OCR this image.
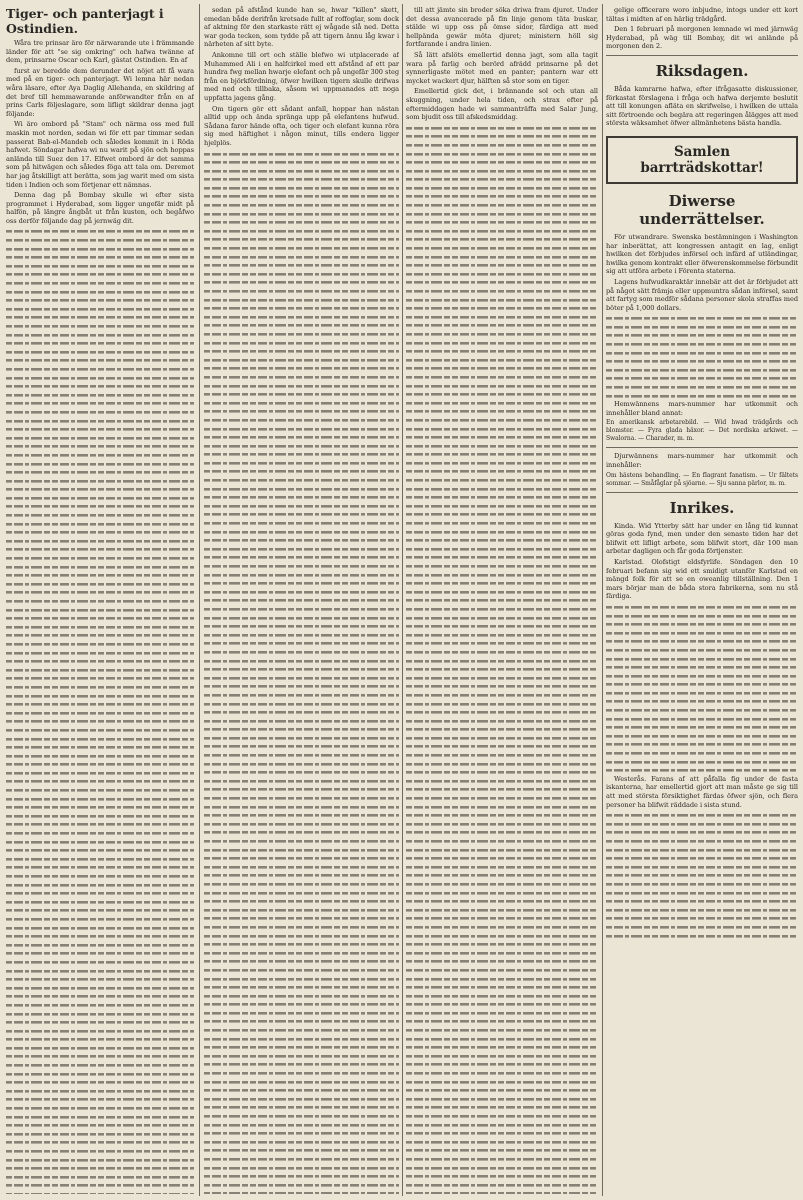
Tiger- och panterjagt i Ostindien.

Wåra tre prinsar äro för närwarande ute i främmande länder för att "se sig omkring" och hafwa twänne af dem, prinsarne Oscar och Karl, gästat Ostindien. En af

furst av beredde dem derunder det nöjet att få wara med på en tiger- och panterjagt. Wi lemna här nedan wåra läsare, efter Aya Daglig Allehanda, en skildring af det bref till hemmawarande anförwandter från en af prins Carls följeslagare, som lifligt skildrar denna jagt följande:

Wi äro ombord på "Stam" och närma oss med full maskin mot norden, sedan wi för ett par timmar sedan passerat Bab-el-Mandeb och således kommit in i Röda hafwet. Söndagar hafwa wi nu warit på sjön och hoppas anlända till Suez den 17. Elfwet ombord är det samma som på hitwägen och således föga att tala om. Deremot har jag åtskilligt att berätta, som jag warit med om sista tiden i Indien och som förtjenar ett nämnas.

Denna dag på Bombay skulle wi efter sista programmet i Hyderabad, som ligger ungefär midt på halfön, på längre ångbåt ut från kusten, och begåfwo oss derför följande dag på jernwäg dit.

sedan på afstånd kunde han se, hwar "killen" skett, emedan både derifrån kretsade fullt af roffoglar, som dock af aktning för den starkaste rätt ej wågade slå ned. Detta war goda tecken, som tydde på att tigern ännu låg kwar i närheten af sitt byte.

Ankomne till ort och ställe blefwo wi utplacerade af Muhammed Ali i en halfcirkel med ett afstånd af ett par hundra fwg mellan hwarje elefant och på ungefär 300 steg från en björkfördning, öfwer hwilken tigern skulle drifwas med ned och tillbaka, såsom wi uppmanades att noga uppfatta jagens gång.

Om tigern gör ett sådant anfall, hoppar han nästan alltid upp och ända spränga upp på elefantens hufwud. Sådana faror hände ofta, och tiger och elefant kunna röra sig med häftighet i någon minut, tills endera ligger hjelplös.

till att jämte sin broder söka driwa fram djuret. Under det dessa avancerade på fin linje genom täta buskar, stälde wi upp oss på ömse sidor, färdiga att med hellpända gewär möta djuret; ministern höll sig fortfarande i andra linien.

Så lätt afslöts emellertid denna jagt, som alla tagit wara på farlig och berörd afrädd prinsarne på det synnerligaste mötet med en panter; pantern war ett mycket wackert djur, hälften så stor som en tiger.

Emellertid gick det, i brännande sol och utan all skuggning, under hela tiden, och strax efter på eftermiddagen hade wi sammanträffa med Salar Jung, som bjudit oss till afskedsmiddag.

gelige officerare woro inbjudne, intogs under ett kort tältas i midten af en härlig trädgård.

Den 1 februari på morgonen lemnade wi med järnwäg Hyderabad, på wäg till Bombay, dit wi anlände på morgonen den 2.

Riksdagen.

Båda kamrarne hafwa, efter ifrågasatte diskussioner, förkastat förslagena i fråga och hafwa derjemte beslutit att till konungen afläta en skrifwelse, i hwilken de uttala sitt förtroende och begära att regeringen ålägges att med största wäksamhet öfwer allmänhetens bästa handla.

Samlen barrträdskottar!
Diwerse underrättelser.

För utwandrare. Swenska bestämningen i Washington har inberättat, att kongressen antagit en lag, enligt hwilken det förbjudes införsel och infärd af utländingar, hwilka genom kontrakt eller öfwerenskommelse förbundit sig att utföra arbete i Förenta staterna.

Lagens hufwudkaraktär innebär att det är förbjudet att på något sätt främja eller uppmuntra sådan införsel, samt att fartyg som medför sådana personer skola straffas med böter på 1,000 dollars.

Hemwännens mars-nummer har utkommit och innehåller bland annat:

En amerikansk arbetarebild. — Wid hwad trädgårds och blomster. — Fyra glada häxor. — Det nordiska arkiwet. — Swalorna. — Charader, m. m.

Djurwännens mars-nummer har utkommit och innehåller:

Om hästens behandling. — En flagrant fanatism. — Ur fältets sommar. — Småfåglar på sjöarne. — Sju sanna pärlor, m. m.

Inrikes.

Kinda. Wid Ytterby sätt har under en lång tid kunnat göras goda fynd, men under den senaste tiden har det blifwit ett lifligt arbete, som blifwit stort, där 100 man arbetar dagligen och får goda förtjenster.

Karlstad. Olofstigt eldsfyrlife. Söndagen den 10 februari befann sig wid ett smidigt utanför Karlstad en mängd folk för att se en oweanlig tillställning. Den 1 mars börjar man de båda stora fabrikerna, som nu stå färdiga.

Westerås. Farans af att påfalla fig under de fasta iskanterna, har emellertid gjort att man måste ge sig till att med största försiktighet färdas öfwer sjön, och flera personer ha blifwit räddade i sista stund.
